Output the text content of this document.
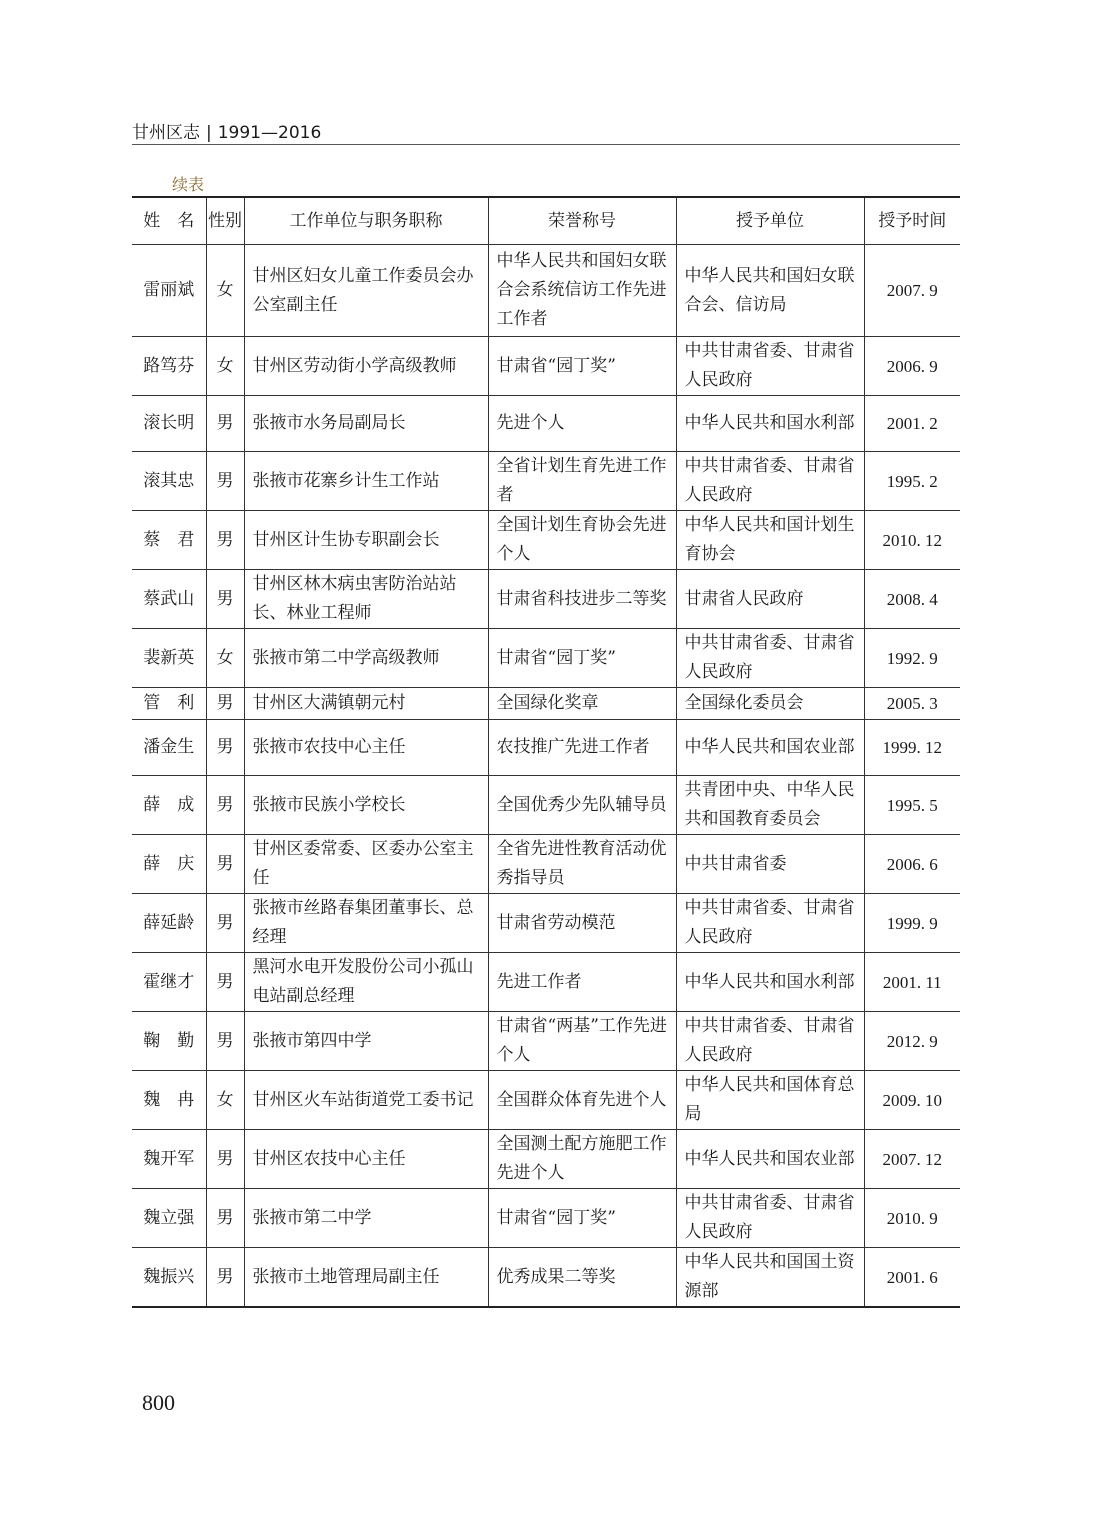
甘州区志 | 1991—2016
续表
姓　名	性别	工作单位与职务职称	荣誉称号	授予单位	授予时间
雷丽斌	女	甘州区妇女儿童工作委员会办公室副主任	中华人民共和国妇女联合会系统信访工作先进工作者	中华人民共和国妇女联合会、信访局	2007. 9
路笃芬	女	甘州区劳动街小学高级教师	甘肃省“园丁奖”	中共甘肃省委、甘肃省人民政府	2006. 9
滚长明	男	张掖市水务局副局长	先进个人	中华人民共和国水利部	2001. 2
滚其忠	男	张掖市花寨乡计生工作站	全省计划生育先进工作者	中共甘肃省委、甘肃省人民政府	1995. 2
蔡　君	男	甘州区计生协专职副会长	全国计划生育协会先进个人	中华人民共和国计划生育协会	2010. 12
蔡武山	男	甘州区林木病虫害防治站站长、林业工程师	甘肃省科技进步二等奖	甘肃省人民政府	2008. 4
裴新英	女	张掖市第二中学高级教师	甘肃省“园丁奖”	中共甘肃省委、甘肃省人民政府	1992. 9
管　利	男	甘州区大满镇朝元村	全国绿化奖章	全国绿化委员会	2005. 3
潘金生	男	张掖市农技中心主任	农技推广先进工作者	中华人民共和国农业部	1999. 12
薛　成	男	张掖市民族小学校长	全国优秀少先队辅导员	共青团中央、中华人民共和国教育委员会	1995. 5
薛　庆	男	甘州区委常委、区委办公室主任	全省先进性教育活动优秀指导员	中共甘肃省委	2006. 6
薛延龄	男	张掖市丝路春集团董事长、总经理	甘肃省劳动模范	中共甘肃省委、甘肃省人民政府	1999. 9
霍继才	男	黑河水电开发股份公司小孤山电站副总经理	先进工作者	中华人民共和国水利部	2001. 11
鞠　勤	男	张掖市第四中学	甘肃省“两基”工作先进个人	中共甘肃省委、甘肃省人民政府	2012. 9
魏　冉	女	甘州区火车站街道党工委书记	全国群众体育先进个人	中华人民共和国体育总局	2009. 10
魏开军	男	甘州区农技中心主任	全国测土配方施肥工作先进个人	中华人民共和国农业部	2007. 12
魏立强	男	张掖市第二中学	甘肃省“园丁奖”	中共甘肃省委、甘肃省人民政府	2010. 9
魏振兴	男	张掖市土地管理局副主任	优秀成果二等奖	中华人民共和国国土资源部	2001. 6
800
